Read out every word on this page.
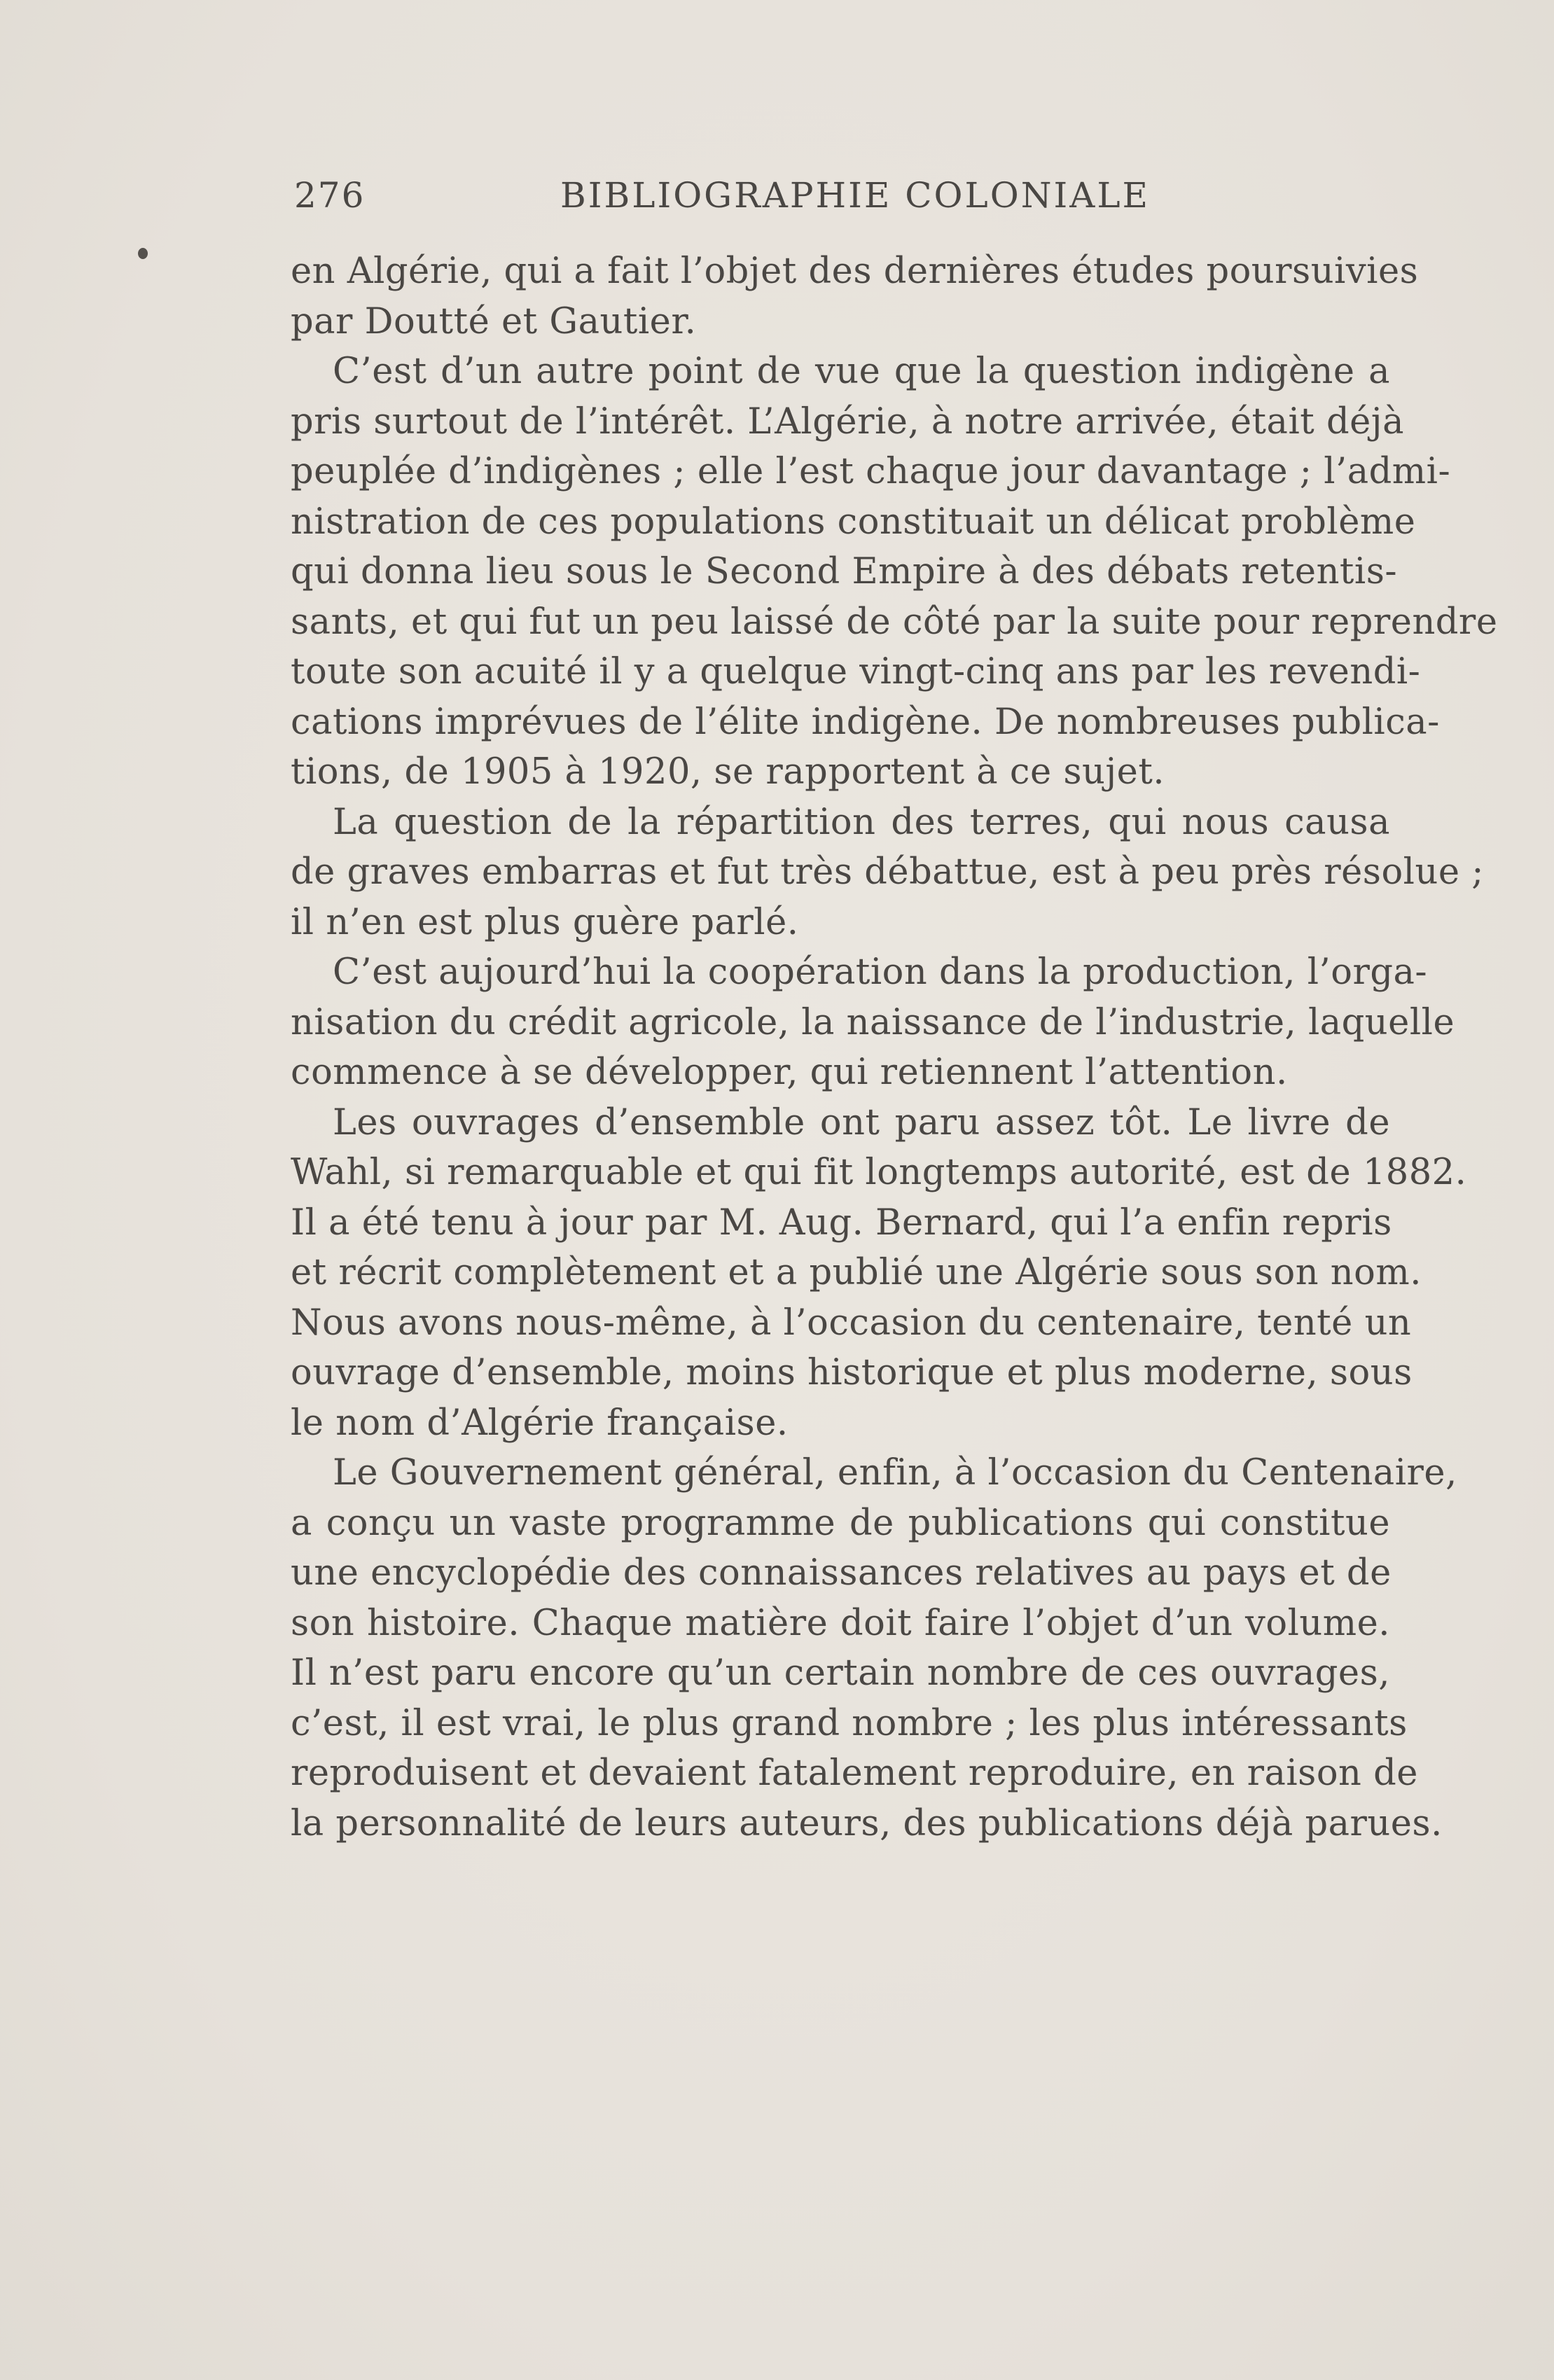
276	BIBLIOGRAPHIE COLONIALE
en Algérie, qui a fait l’objet des dernières études poursuivies
par Doutté et Gautier.
C’est d’un autre point de vue que la question indigène a
pris surtout de l’intérêt. L’Algérie, à notre arrivée, était déjà
peuplée d’indigènes ; elle l’est chaque jour davantage ; l’admi-
nistration de ces populations constituait un délicat problème
qui donna lieu sous le Second Empire à des débats retentis-
sants, et qui fut un peu laissé de côté par la suite pour reprendre
toute son acuité il y a quelque vingt-cinq ans par les revendi-
cations imprévues de l’élite indigène. De nombreuses publica-
tions, de 1905 à 1920, se rapportent à ce sujet.
La question de la répartition des terres, qui nous causa
de graves embarras et fut très débattue, est à peu près résolue ;
il n’en est plus guère parlé.
C’est aujourd’hui la coopération dans la production, l’orga-
nisation du crédit agricole, la naissance de l’industrie, laquelle
commence à se développer, qui retiennent l’attention.
Les ouvrages d’ensemble ont paru assez tôt. Le livre de
Wahl, si remarquable et qui fit longtemps autorité, est de 1882.
Il a été tenu à jour par M. Aug. Bernard, qui l’a enfin repris
et récrit complètement et a publié une Algérie sous son nom.
Nous avons nous-même, à l’occasion du centenaire, tenté un
ouvrage d’ensemble, moins historique et plus moderne, sous
le nom d’Algérie française.
Le Gouvernement général, enfin, à l’occasion du Centenaire,
a conçu un vaste programme de publications qui constitue
une encyclopédie des connaissances relatives au pays et de
son histoire. Chaque matière doit faire l’objet d’un volume.
Il n’est paru encore qu’un certain nombre de ces ouvrages,
c’est, il est vrai, le plus grand nombre ; les plus intéressants
reproduisent et devaient fatalement reproduire, en raison de
la personnalité de leurs auteurs, des publications déjà parues.
